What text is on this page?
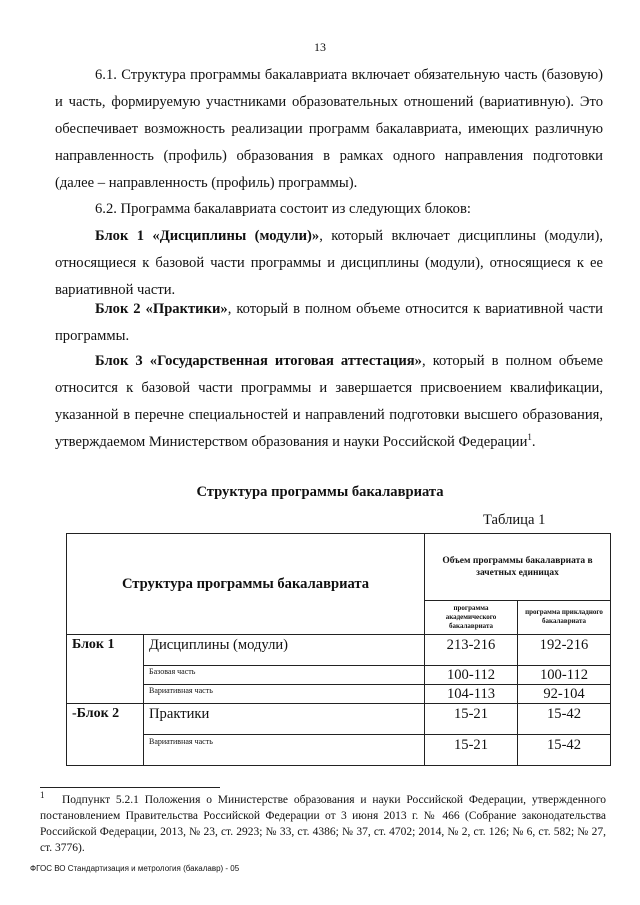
13

6.1. Структура программы бакалавриата включает обязательную часть (базовую) и часть, формируемую участниками образовательных отношений (вариативную). Это обеспечивает возможность реализации программ бакалавриата, имеющих различную направленность (профиль) образования в рамках одного направления подготовки (далее – направленность (профиль) программы).

6.2. Программа бакалавриата состоит из следующих блоков:

Блок 1 «Дисциплины (модули)», который включает дисциплины (модули), относящиеся к базовой части программы и дисциплины (модули), относящиеся к ее вариативной части.

Блок 2 «Практики», который в полном объеме относится к вариативной части программы.

Блок 3 «Государственная итоговая аттестация», который в полном объеме относится к базовой части программы и завершается присвоением квалификации, указанной в перечне специальностей и направлений подготовки высшего образования, утверждаемом Министерством образования и науки Российской Федерации$^1$.

Структура программы бакалавриата
Таблица 1
Структура программы бакалавриата		Объем программы бакалавриата в зачетных единицах	
		программа академического бакалавриата	программа прикладного бакалавриата
Блок 1	Дисциплины (модули)	213-216	192-216
	Базовая часть	100-112	100-112
	Вариативная часть	104-113	92-104
-Блок 2	Практики	15-21	15-42
	Вариативная часть	15-21	15-42

$^1$ Подпункт 5.2.1 Положения о Министерстве образования и науки Российской Федерации, утвержденного постановлением Правительства Российской Федерации от 3 июня 2013 г. № 466 (Собрание законодательства Российской Федерации, 2013, № 23, ст. 2923; № 33, ст. 4386; № 37, ст. 4702; 2014, № 2, ст. 126; № 6, ст. 582; № 27, ст. 3776).

ФГОС ВО Стандартизация и метрология (бакалавр) - 05
